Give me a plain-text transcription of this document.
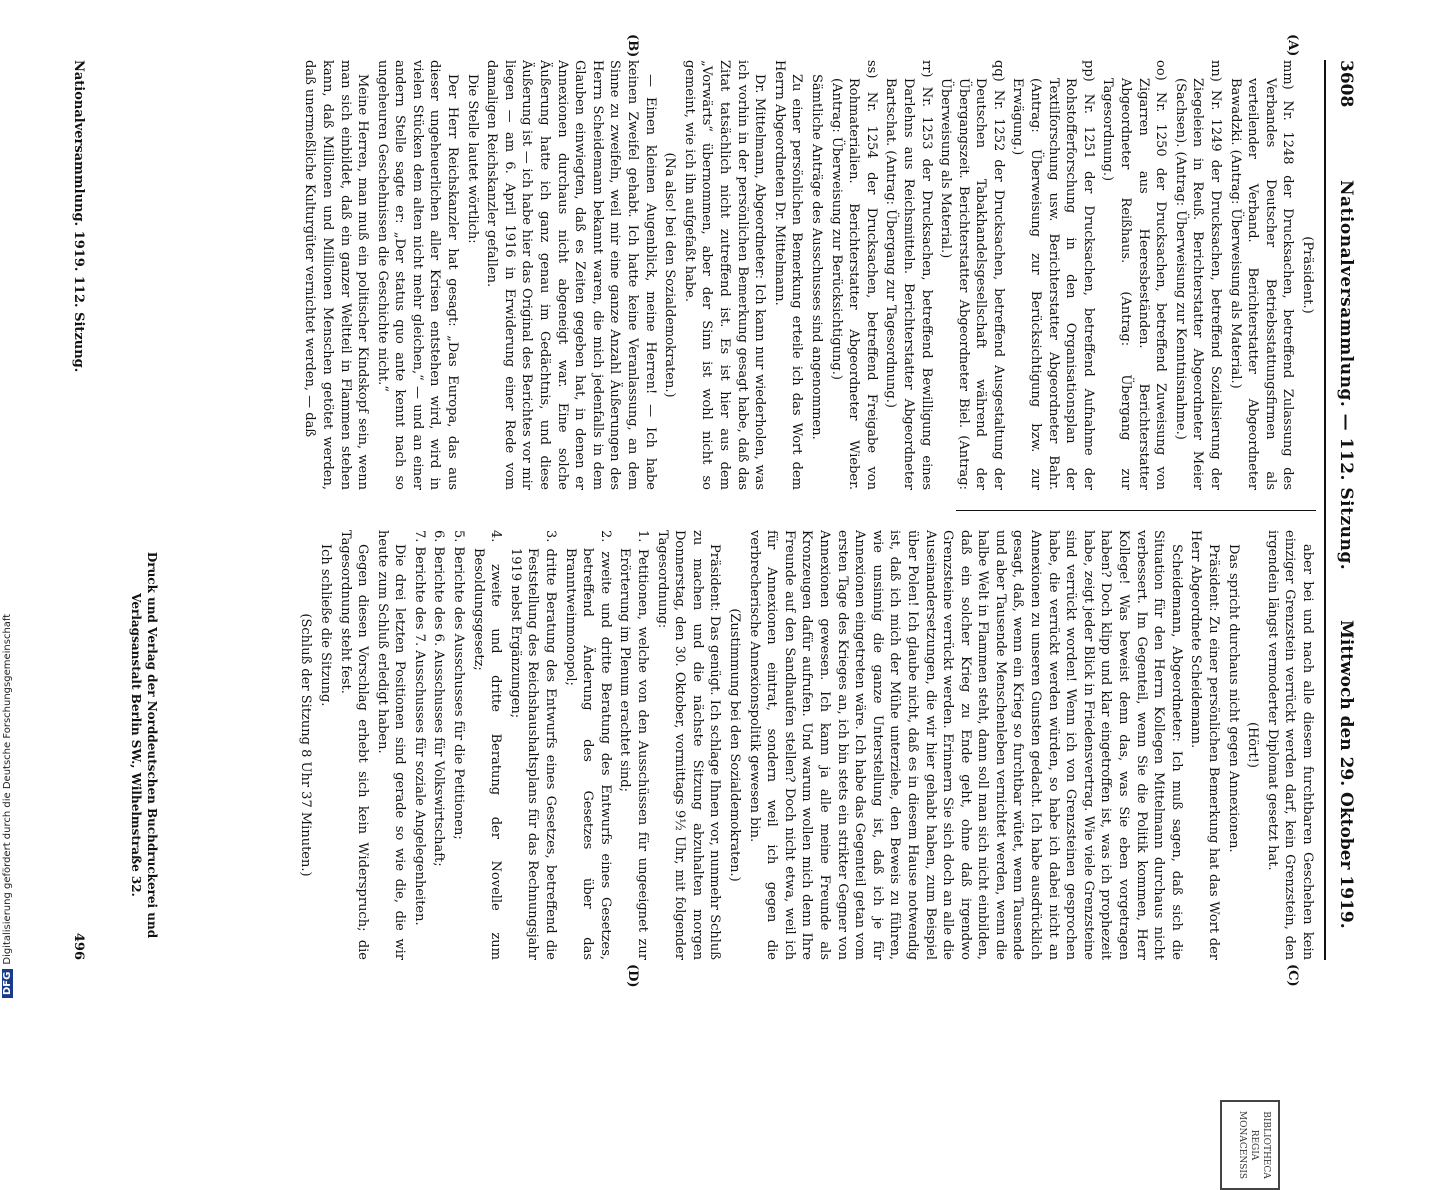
3608
Nationalversammlung. — 112. Sitzung.
Mittwoch den 29. Oktober 1919.
(A)
(B)
(C)
(D)

(Präsident.)

mm) Nr. 1248 der Drucksachen, betreffend Zulassung des Verbandes Deutscher Betriebsstattungsfirmen als verteilender Verband. Berichterstatter Abgeordneter Bawadzki. (Antrag: Überweisung als Material.)

nn) Nr. 1249 der Drucksachen, betreffend Sozialisierung der Ziegeleien in Reuß. Berichterstatter Abgeordneter Meier (Sachsen). (Antrag: Überweisung zur Kenntnisnahme.)

oo) Nr. 1250 der Drucksachen, betreffend Zuweisung von Zigarren aus Heeresbeständen. Berichterstatter Abgeordneter Reißhaus. (Antrag: Übergang zur Tagesordnung.)

pp) Nr. 1251 der Drucksachen, betreffend Aufnahme der Rohstofferforschung in den Organisationsplan der Textilforschung usw. Berichterstatter Abgeordneter Bahr. (Antrag: Überweisung zur Berücksichtigung bzw. zur Erwägung.)

qq) Nr. 1252 der Drucksachen, betreffend Ausgestaltung der Deutschen Tabakhandelsgesellschaft während der Übergangszeit. Berichterstatter Abgeordneter Biel. (Antrag: Überweisung als Material.)

rr) Nr. 1253 der Drucksachen, betreffend Bewilligung eines Darlehns aus Reichsmitteln. Berichterstatter Abgeordneter Bartschat. (Antrag: Übergang zur Tagesordnung.)

ss) Nr. 1254 der Drucksachen, betreffend Freigabe von Rohmaterialien. Berichterstatter Abgeordneter Wieber. (Antrag: Überweisung zur Berücksichtigung.)

Sämtliche Anträge des Ausschusses sind angenommen.

Zu einer persönlichen Bemerkung erteile ich das Wort dem Herrn Abgeordneten Dr. Mittelmann.

Dr. Mittelmann, Abgeordneter: Ich kann nur wiederholen, was ich vorhin in der persönlichen Bemerkung gesagt habe, daß das Zitat tatsächlich nicht zutreffend ist. Es ist hier aus dem „Vorwärts“ übernommen, aber der Sinn ist wohl nicht so gemeint, wie ich ihn aufgefaßt habe.

(Na also! bei den Sozialdemokraten.)

— Einen kleinen Augenblick, meine Herren! — Ich habe keinen Zweifel gehabt. Ich hatte keine Veranlassung, an dem Sinne zu zweifeln, weil mir eine ganze Anzahl Äußerungen des Herrn Scheidemann bekannt waren, die mich jedenfalls in dem Glauben einwiegten, daß es Zeiten gegeben hat, in denen er Annexionen durchaus nicht abgeneigt war. Eine solche Äußerung hatte ich ganz genau im Gedächtnis, und diese Äußerung ist — ich habe hier das Original des Berichtes vor mir liegen — am 6. April 1916 in Erwiderung einer Rede vom damaligen Reichskanzler gefallen.

Die Stelle lautet wörtlich:

Der Herr Reichskanzler hat gesagt: „Das Europa, das aus dieser ungeheuerlichen aller Krisen entstehen wird, wird in vielen Stücken dem alten nicht mehr gleichen,“ — und an einer andern Stelle sagte er: „Der status quo ante kennt nach so ungeheuren Geschehnissen die Geschichte nicht.“

Meine Herren, man muß ein politischer Kindskopf sein, wenn man sich einbildet, daß ein ganzer Weltteil in Flammen stehen kann, daß Millionen und Millionen Menschen getötet werden, daß unermeßliche Kulturgüter vernichtet werden, — daß

aber bei und nach alle diesem furchtbaren Geschehen kein einziger Grenzstein verrückt werden darf, kein Grenzstein, den irgendein längst vermoderter Diplomat gesetzt hat.

(Hört!)

Das spricht durchaus nicht gegen Annexionen.

Präsident: Zu einer persönlichen Bemerkung hat das Wort der Herr Abgeordnete Scheidemann.

Scheidemann, Abgeordneter: Ich muß sagen, daß sich die Situation für den Herrn Kollegen Mittelmann durchaus nicht verbessert. Im Gegenteil, wenn Sie die Politik kommen, Herr Kollege! Was beweist denn das, was Sie eben vorgetragen haben? Doch klipp und klar eingetroffen ist, was ich prophezeit habe, zeigt jeder Blick in Friedensvertrag. Wie viele Grenzsteine sind verrückt worden! Wenn ich von Grenzsteinen gesprochen habe, die verrückt werden würden, so habe ich dabei nicht an Annexionen zu unseren Gunsten gedacht. Ich habe ausdrücklich gesagt, daß, wenn ein Krieg so furchtbar wütet, wenn Tausende und aber Tausende Menschenleben vernichtet werden, wenn die halbe Welt in Flammen steht, dann soll man sich nicht einbilden, daß ein solcher Krieg zu Ende geht, ohne daß irgendwo Grenzsteine verrückt werden. Erinnern Sie sich doch an alle die Auseinandersetzungen, die wir hier gehabt haben, zum Beispiel über Polen! Ich glaube nicht, daß es in diesem Hause notwendig ist, daß ich mich der Mühe unterziehe, den Beweis zu führen, wie unsinnig die ganze Unterstellung ist, daß ich je für Annexionen eingetreten wäre. Ich habe das Gegenteil getan vom ersten Tage des Krieges an, ich bin stets ein strikter Gegner von Annexionen gewesen. Ich kann ja alle meine Freunde als Kronzeugen dafür aufrufen. Und warum wollen mich denn Ihre Freunde auf den Sandhaufen stellen? Doch nicht etwa, weil ich für Annexionen eintrat, sondern weil ich gegen die verbrecherische Annexionspolitik gewesen bin.

(Zustimmung bei den Sozialdemokraten.)

Präsident: Das genügt. Ich schlage Ihnen vor, nunmehr Schluß zu machen und die nächste Sitzung abzuhalten morgen Donnerstag, den 30. Oktober, vormittags 9½ Uhr, mit folgender Tagesordnung:

1. Petitionen, welche von den Ausschüssen für ungeeignet zur Erörterung im Plenum erachtet sind;

2. zweite und dritte Beratung des Entwurfs eines Gesetzes, betreffend Änderung des Gesetzes über das Branntweinmonopol;

3. dritte Beratung des Entwurfs eines Gesetzes, betreffend die Feststellung des Reichshaushaltsplans für das Rechnungsjahr 1919 nebst Ergänzungen;

4. zweite und dritte Beratung der Novelle zum Besoldungsgesetz;

5. Berichte des Ausschusses für die Petitionen;

6. Berichte des 6. Ausschusses für Volkswirtschaft;

7. Berichte des 7. Ausschusses für soziale Angelegenheiten.

Die drei letzten Positionen sind gerade so wie die, die wir heute zum Schluß erledigt haben.

Gegen diesen Vorschlag erhebt sich kein Widerspruch; die Tagesordnung steht fest.

Ich schließe die Sitzung.

(Schluß der Sitzung 8 Uhr 37 Minuten.)

Druck und Verlag der Norddeutschen Buchdruckerei und Verlagsanstalt Berlin SW., Wilhelmstraße 32.
Nationalversammlung. 1919. 112. Sitzung.
496
BIBLIOTHECA REGIA MONACENSIS
DFGDigitalisierung gefördert durch die Deutsche Forschungsgemeinschaft
